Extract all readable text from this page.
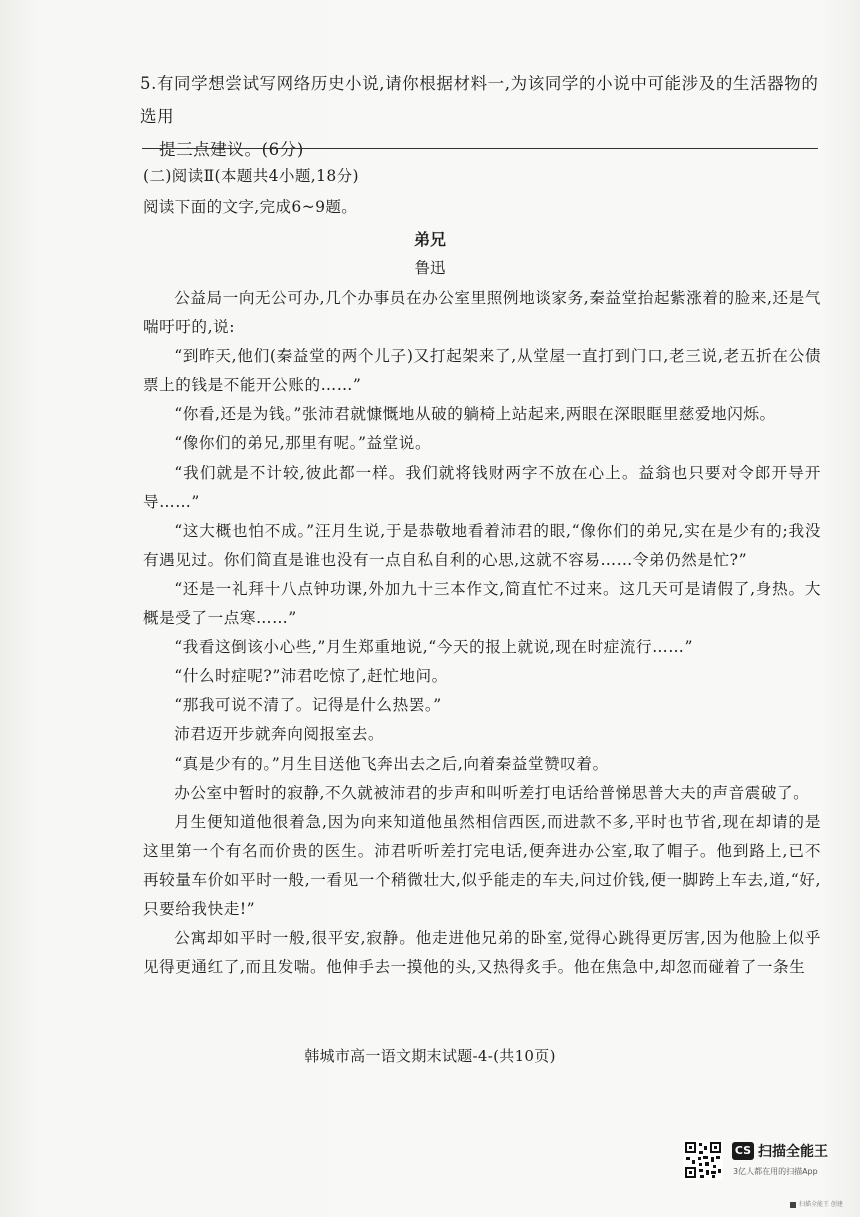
5.有同学想尝试写网络历史小说,请你根据材料一,为该同学的小说中可能涉及的生活器物的选用
提三点建议。(6分)
(二)阅读Ⅱ(本题共4小题,18分)
阅读下面的文字,完成6~9题。
弟兄
鲁迅

公益局一向无公可办,几个办事员在办公室里照例地谈家务,秦益堂抬起紫涨着的脸来,还是气喘吁吁的,说:

“到昨天,他们(秦益堂的两个儿子)又打起架来了,从堂屋一直打到门口,老三说,老五折在公债票上的钱是不能开公账的……”

“你看,还是为钱。”张沛君就慷慨地从破的躺椅上站起来,两眼在深眼眶里慈爱地闪烁。

“像你们的弟兄,那里有呢。”益堂说。

“我们就是不计较,彼此都一样。我们就将钱财两字不放在心上。益翁也只要对令郎开导开导……”

“这大概也怕不成。”汪月生说,于是恭敬地看着沛君的眼,“像你们的弟兄,实在是少有的;我没有遇见过。你们简直是谁也没有一点自私自利的心思,这就不容易……令弟仍然是忙?”

“还是一礼拜十八点钟功课,外加九十三本作文,简直忙不过来。这几天可是请假了,身热。大概是受了一点寒……”

“我看这倒该小心些,”月生郑重地说,“今天的报上就说,现在时症流行……”

“什么时症呢?”沛君吃惊了,赶忙地问。

“那我可说不清了。记得是什么热罢。”

沛君迈开步就奔向阅报室去。

“真是少有的。”月生目送他飞奔出去之后,向着秦益堂赞叹着。

办公室中暂时的寂静,不久就被沛君的步声和叫听差打电话给普悌思普大夫的声音震破了。

月生便知道他很着急,因为向来知道他虽然相信西医,而进款不多,平时也节省,现在却请的是这里第一个有名而价贵的医生。沛君听听差打完电话,便奔进办公室,取了帽子。他到路上,已不再较量车价如平时一般,一看见一个稍微壮大,似乎能走的车夫,问过价钱,便一脚跨上车去,道,“好,只要给我快走!”

公寓却如平时一般,很平安,寂静。他走进他兄弟的卧室,觉得心跳得更厉害,因为他脸上似乎见得更通红了,而且发喘。他伸手去一摸他的头,又热得炙手。他在焦急中,却忽而碰着了一条生

韩城市高一语文期末试题-4-(共10页)
CS 扫描全能王
3亿人都在用的扫描App
扫描全能王 创建
